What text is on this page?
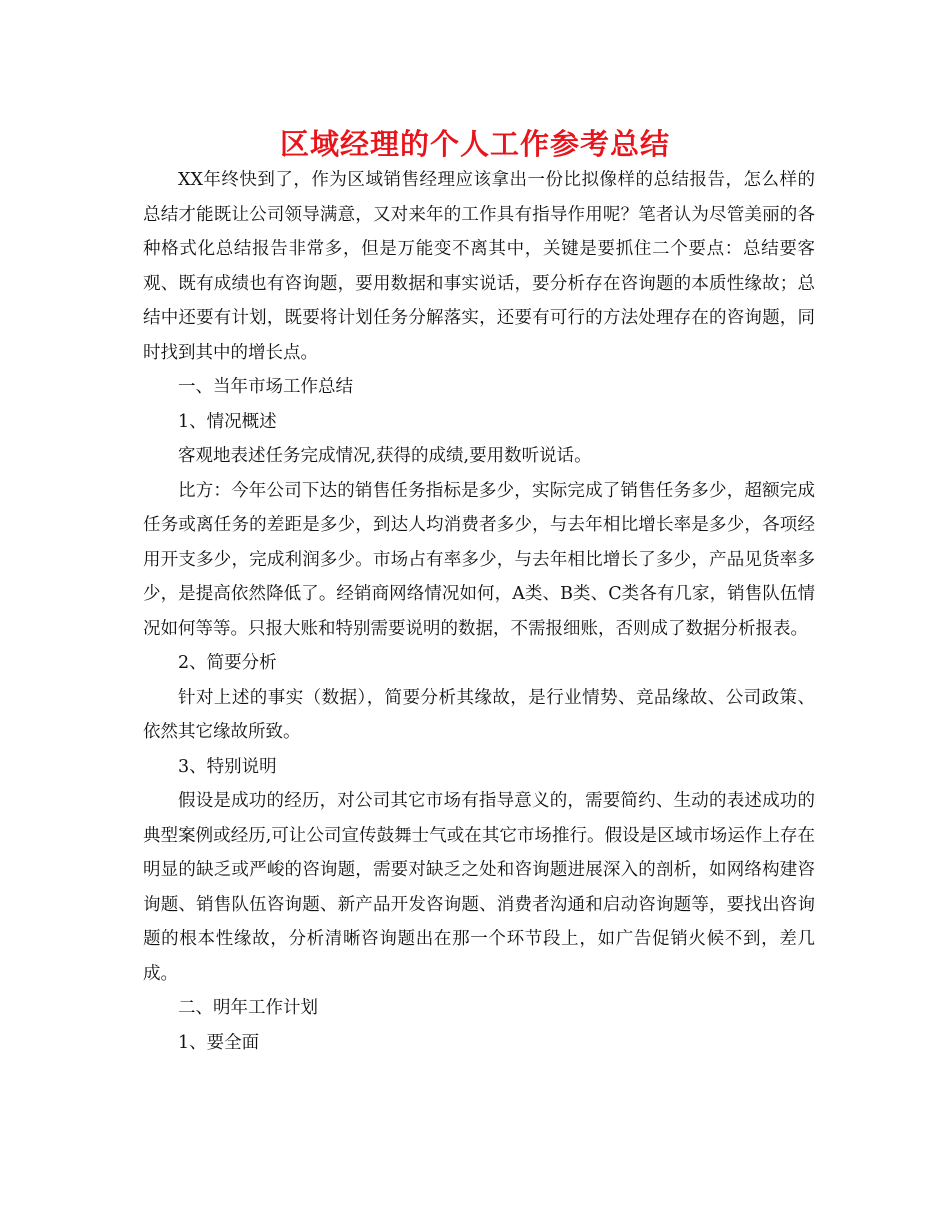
区域经理的个人工作参考总结

XX年终快到了，作为区域销售经理应该拿出一份比拟像样的总结报告，怎么样的总结才能既让公司领导满意，又对来年的工作具有指导作用呢？笔者认为尽管美丽的各种格式化总结报告非常多，但是万能变不离其中，关键是要抓住二个要点：总结要客观、既有成绩也有咨询题，要用数据和事实说话，要分析存在咨询题的本质性缘故；总结中还要有计划，既要将计划任务分解落实，还要有可行的方法处理存在的咨询题，同时找到其中的增长点。

一、当年市场工作总结

1、情况概述

客观地表述任务完成情况,获得的成绩,要用数听说话。

比方：今年公司下达的销售任务指标是多少，实际完成了销售任务多少，超额完成任务或离任务的差距是多少，到达人均消费者多少，与去年相比增长率是多少，各项经用开支多少，完成利润多少。市场占有率多少，与去年相比增长了多少，产品见货率多少，是提高依然降低了。经销商网络情况如何，A类、B类、C类各有几家，销售队伍情况如何等等。只报大账和特别需要说明的数据，不需报细账，否则成了数据分析报表。

2、简要分析

针对上述的事实（数据），简要分析其缘故，是行业情势、竞品缘故、公司政策、依然其它缘故所致。

3、特别说明

假设是成功的经历，对公司其它市场有指导意义的，需要简约、生动的表述成功的典型案例或经历,可让公司宣传鼓舞士气或在其它市场推行。假设是区域市场运作上存在明显的缺乏或严峻的咨询题，需要对缺乏之处和咨询题进展深入的剖析，如网络构建咨询题、销售队伍咨询题、新产品开发咨询题、消费者沟通和启动咨询题等，要找出咨询题的根本性缘故，分析清晰咨询题出在那一个环节段上，如广告促销火候不到，差几成。

二、明年工作计划

1、要全面
